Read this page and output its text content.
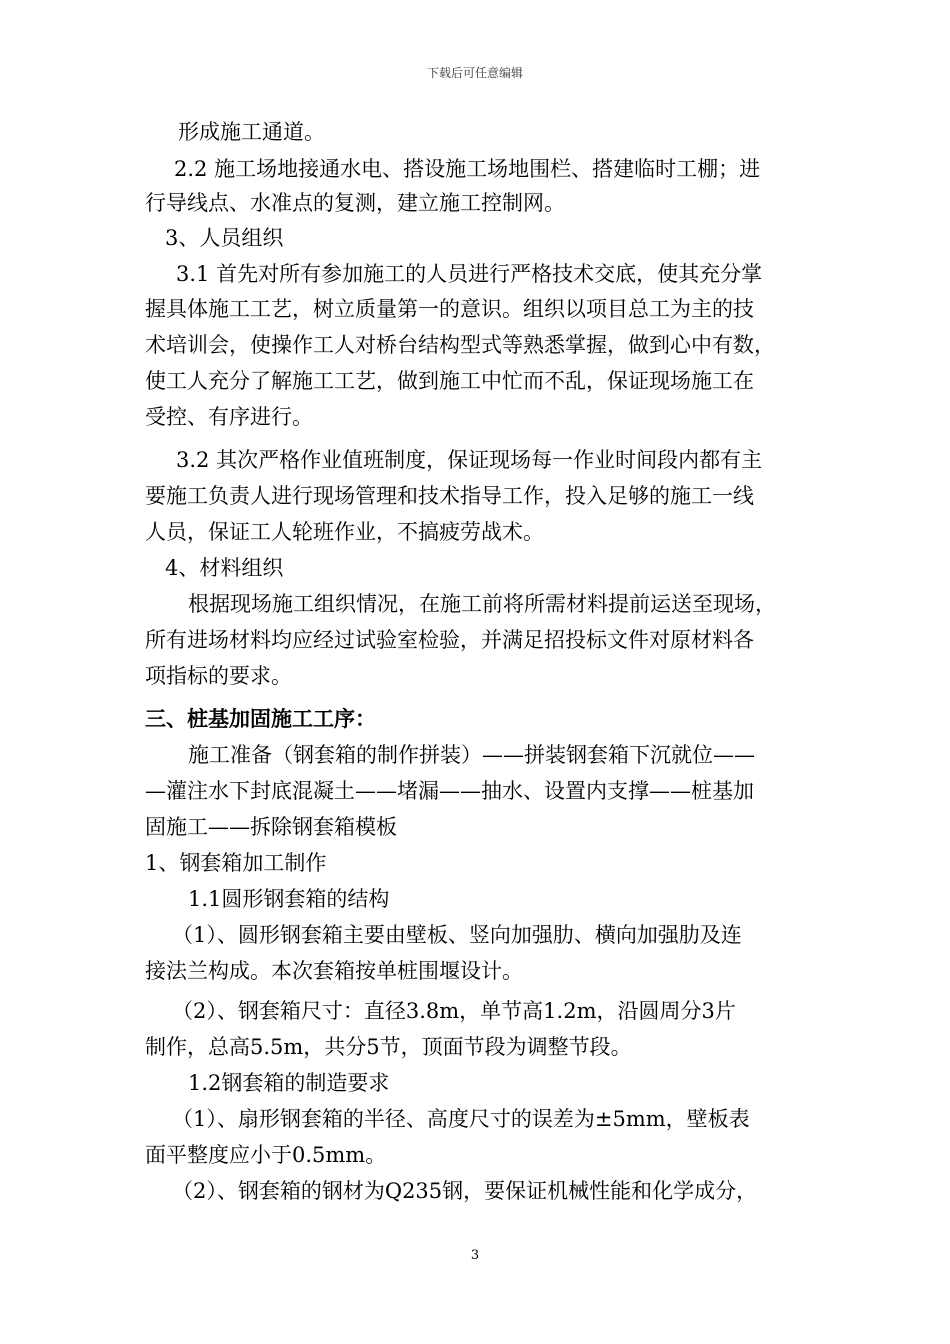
下载后可任意编辑
形成施工通道。
2.2 施工场地接通水电、搭设施工场地围栏、搭建临时工棚；进
行导线点、水准点的复测，建立施工控制网。
3、人员组织
3.1 首先对所有参加施工的人员进行严格技术交底，使其充分掌
握具体施工工艺，树立质量第一的意识。组织以项目总工为主的技
术培训会，使操作工人对桥台结构型式等熟悉掌握，做到心中有数，
使工人充分了解施工工艺，做到施工中忙而不乱，保证现场施工在
受控、有序进行。
3.2 其次严格作业值班制度，保证现场每一作业时间段内都有主
要施工负责人进行现场管理和技术指导工作，投入足够的施工一线
人员，保证工人轮班作业，不搞疲劳战术。
4、材料组织
根据现场施工组织情况，在施工前将所需材料提前运送至现场，
所有进场材料均应经过试验室检验，并满足招投标文件对原材料各
项指标的要求。
三、桩基加固施工工序：
施工准备（钢套箱的制作拼装）——拼装钢套箱下沉就位——
—灌注水下封底混凝土——堵漏——抽水、设置内支撑——桩基加
固施工——拆除钢套箱模板
1、钢套箱加工制作
1.1圆形钢套箱的结构
（1）、圆形钢套箱主要由壁板、竖向加强肋、横向加强肋及连
接法兰构成。本次套箱按单桩围堰设计。
（2）、钢套箱尺寸：直径3.8m，单节高1.2m，沿圆周分3片
制作，总高5.5m，共分5节，顶面节段为调整节段。
1.2钢套箱的制造要求
（1）、扇形钢套箱的半径、高度尺寸的误差为±5mm，壁板表
面平整度应小于0.5mm。
（2）、钢套箱的钢材为Q235钢，要保证机械性能和化学成分，
3
